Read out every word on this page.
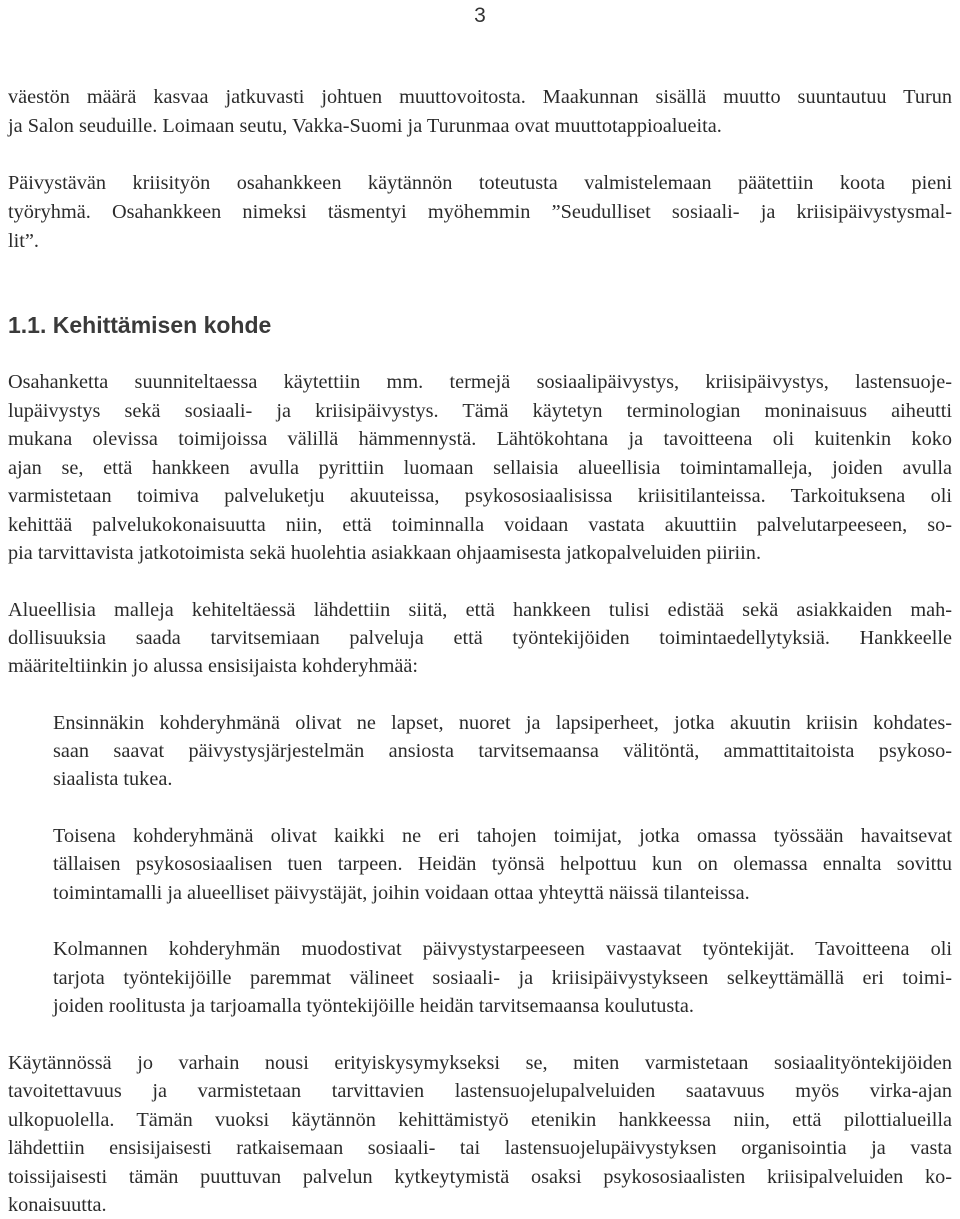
3
väestön määrä kasvaa jatkuvasti johtuen muuttovoitosta. Maakunnan sisällä muutto suuntautuu Turun
ja Salon seuduille. Loimaan seutu, Vakka-Suomi ja Turunmaa ovat muuttotappioalueita.
Päivystävän kriisityön osahankkeen käytännön toteutusta valmistelemaan päätettiin koota pieni
työryhmä. Osahankkeen nimeksi täsmentyi myöhemmin ”Seudulliset sosiaali- ja kriisipäivystysmal-
lit”.
1.1. Kehittämisen kohde
Osahanketta suunniteltaessa käytettiin mm. termejä sosiaalipäivystys, kriisipäivystys, lastensuoje-
lupäivystys sekä sosiaali- ja kriisipäivystys. Tämä käytetyn terminologian moninaisuus aiheutti
mukana olevissa toimijoissa välillä hämmennystä. Lähtökohtana ja tavoitteena oli kuitenkin koko
ajan se, että hankkeen avulla pyrittiin luomaan sellaisia alueellisia toimintamalleja, joiden avulla
varmistetaan toimiva palveluketju akuuteissa, psykososiaalisissa kriisitilanteissa. Tarkoituksena oli
kehittää palvelukokonaisuutta niin, että toiminnalla voidaan vastata akuuttiin palvelutarpeeseen, so-
pia tarvittavista jatkotoimista sekä huolehtia asiakkaan ohjaamisesta jatkopalveluiden piiriin.
Alueellisia malleja kehiteltäessä lähdettiin siitä, että hankkeen tulisi edistää sekä asiakkaiden mah-
dollisuuksia saada tarvitsemiaan palveluja että työntekijöiden toimintaedellytyksiä. Hankkeelle
määriteltiinkin jo alussa ensisijaista kohderyhmää:
Ensinnäkin kohderyhmänä olivat ne lapset, nuoret ja lapsiperheet, jotka akuutin kriisin kohdates-
saan saavat päivystysjärjestelmän ansiosta tarvitsemaansa välitöntä, ammattitaitoista psykoso-
siaalista tukea.
Toisena kohderyhmänä olivat kaikki ne eri tahojen toimijat, jotka omassa työssään havaitsevat
tällaisen psykososiaalisen tuen tarpeen. Heidän työnsä helpottuu kun on olemassa ennalta sovittu
toimintamalli ja alueelliset päivystäjät, joihin voidaan ottaa yhteyttä näissä tilanteissa.
Kolmannen kohderyhmän muodostivat päivystystarpeeseen vastaavat työntekijät. Tavoitteena oli
tarjota työntekijöille paremmat välineet sosiaali- ja kriisipäivystykseen selkeyttämällä eri toimi-
joiden roolitusta ja tarjoamalla työntekijöille heidän tarvitsemaansa koulutusta.
Käytännössä jo varhain nousi erityiskysymykseksi se, miten varmistetaan sosiaalityöntekijöiden
tavoitettavuus ja varmistetaan tarvittavien lastensuojelupalveluiden saatavuus myös virka-ajan
ulkopuolella. Tämän vuoksi käytännön kehittämistyö etenikin hankkeessa niin, että pilottialueilla
lähdettiin ensisijaisesti ratkaisemaan sosiaali- tai lastensuojelupäivystyksen organisointia ja vasta
toissijaisesti tämän puuttuvan palvelun kytkeytymistä osaksi psykososiaalisten kriisipalveluiden ko-
konaisuutta.
